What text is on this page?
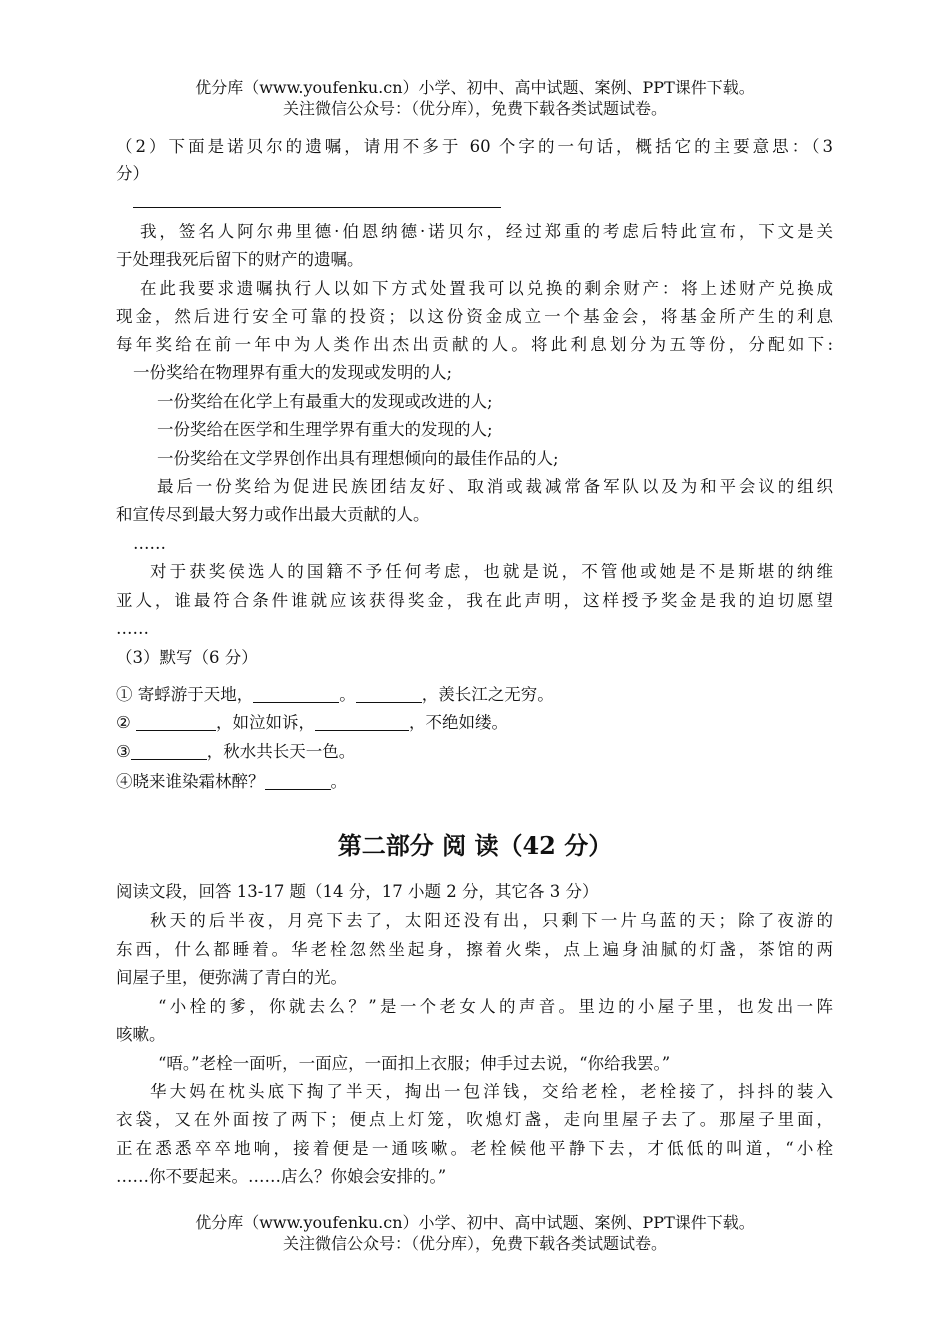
优分库（www.youfenku.cn）小学、初中、高中试题、案例、PPT课件下载。
关注微信公众号：（优分库），免费下载各类试题试卷。
（2）下面是诺贝尔的遗嘱，请用不多于 60 个字的一句话，概括它的主要意思：（3
分）
我，签名人阿尔弗里德·伯恩纳德·诺贝尔，经过郑重的考虑后特此宣布，下文是关
于处理我死后留下的财产的遗嘱。
在此我要求遗嘱执行人以如下方式处置我可以兑换的剩余财产：将上述财产兑换成
现金，然后进行安全可靠的投资；以这份资金成立一个基金会，将基金所产生的利息
每年奖给在前一年中为人类作出杰出贡献的人。将此利息划分为五等份，分配如下:
一份奖给在物理界有重大的发现或发明的人;
一份奖给在化学上有最重大的发现或改进的人;
一份奖给在医学和生理学界有重大的发现的人;
一份奖给在文学界创作出具有理想倾向的最佳作品的人;
最后一份奖给为促进民族团结友好、取消或裁减常备军队以及为和平会议的组织
和宣传尽到最大努力或作出最大贡献的人。
……
对于获奖侯选人的国籍不予任何考虑，也就是说，不管他或她是不是斯堪的纳维
亚人，谁最符合条件谁就应该获得奖金，我在此声明，这样授予奖金是我的迫切愿望
……
（3）默写（6 分）
① 寄蜉游于天地，	。	，羡长江之无穷。
②	，如泣如诉，	，不绝如缕。
③	，秋水共长天一色。
④晓来谁染霜林醉？	。
第二部分 阅 读（42 分）
阅读文段，回答 13-17 题（14 分，17 小题 2 分，其它各 3 分）
秋天的后半夜，月亮下去了，太阳还没有出，只剩下一片乌蓝的天；除了夜游的
东西，什么都睡着。华老栓忽然坐起身，擦着火柴，点上遍身油腻的灯盏，茶馆的两
间屋子里，便弥满了青白的光。
“小栓的爹，你就去么？”是一个老女人的声音。里边的小屋子里，也发出一阵
咳嗽。
“唔。”老栓一面听，一面应，一面扣上衣服；伸手过去说，“你给我罢。”
华大妈在枕头底下掏了半天，掏出一包洋钱，交给老栓，老栓接了，抖抖的装入
衣袋，又在外面按了两下；便点上灯笼，吹熄灯盏，走向里屋子去了。那屋子里面，
正在悉悉卒卒地响，接着便是一通咳嗽。老栓候他平静下去，才低低的叫道，“小栓
……你不要起来。……店么？你娘会安排的。”
优分库（www.youfenku.cn）小学、初中、高中试题、案例、PPT课件下载。
关注微信公众号：（优分库），免费下载各类试题试卷。
